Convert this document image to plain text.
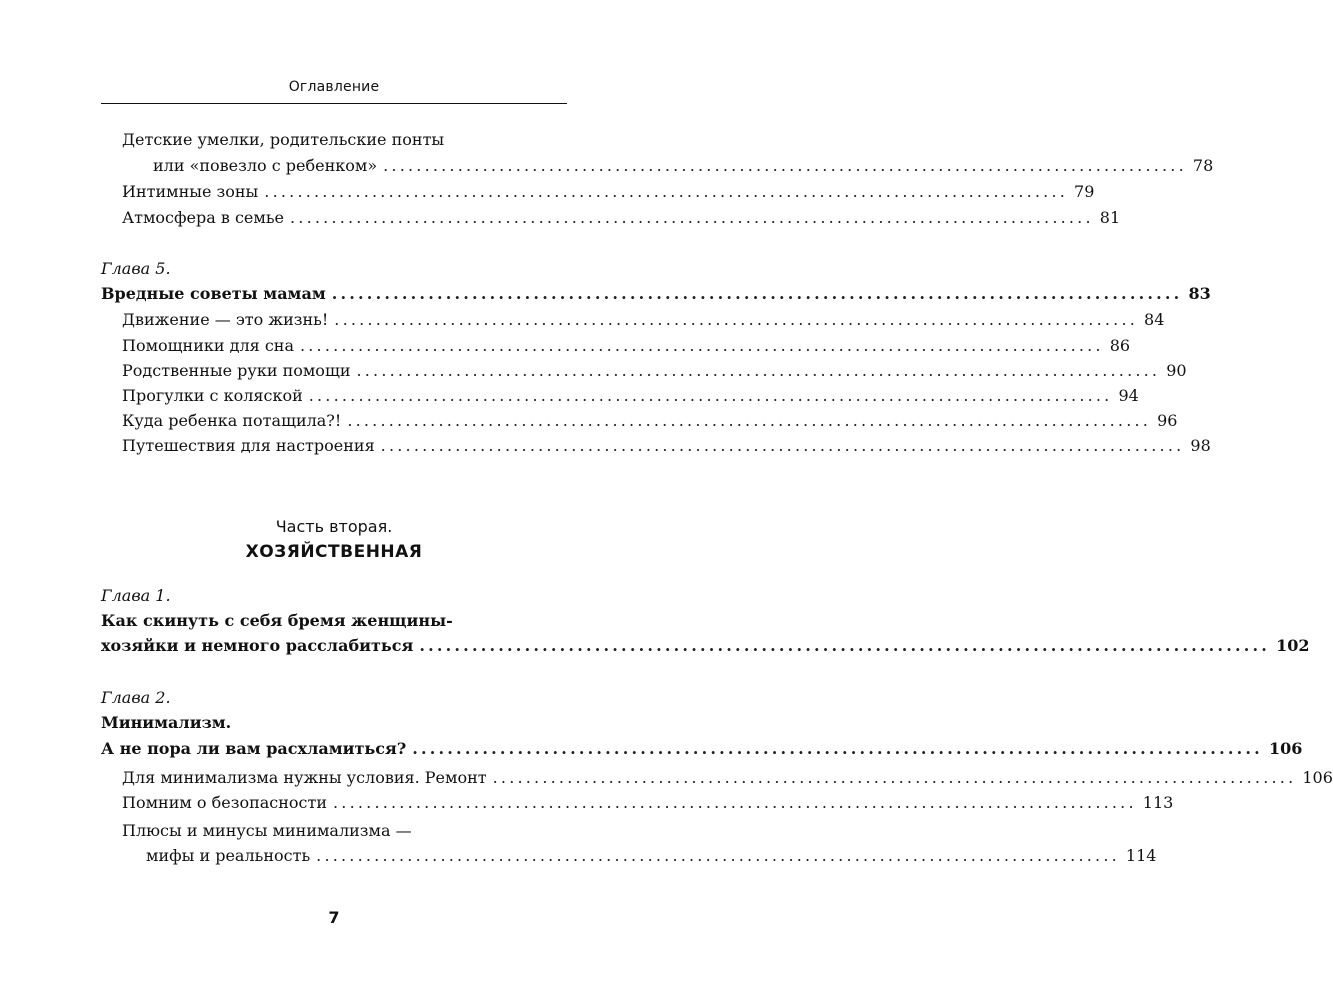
Оглавление
Детские умелки, родительские понты
или «повезло с ребенком» ................................................................................................. 78
Интимные зоны ................................................................................................. 79
Атмосфера в семье ................................................................................................. 81
Глава 5.
Вредные советы мамам ................................................................................................. 83
Движение — это жизнь! ................................................................................................. 84
Помощники для сна ................................................................................................. 86
Родственные руки помощи ................................................................................................. 90
Прогулки с коляской ................................................................................................. 94
Куда ребенка потащила?! ................................................................................................. 96
Путешествия для настроения ................................................................................................. 98
Часть вторая.
ХОЗЯЙСТВЕННАЯ
Глава 1.
Как скинуть с себя бремя женщины-
хозяйки и немного расслабиться ................................................................................................. 102
Глава 2.
Минимализм.
А не пора ли вам расхламиться? ................................................................................................. 106
Для минимализма нужны условия. Ремонт ................................................................................................. 106
Помним о безопасности ................................................................................................. 113
Плюсы и минусы минимализма —
мифы и реальность ................................................................................................. 114
7
